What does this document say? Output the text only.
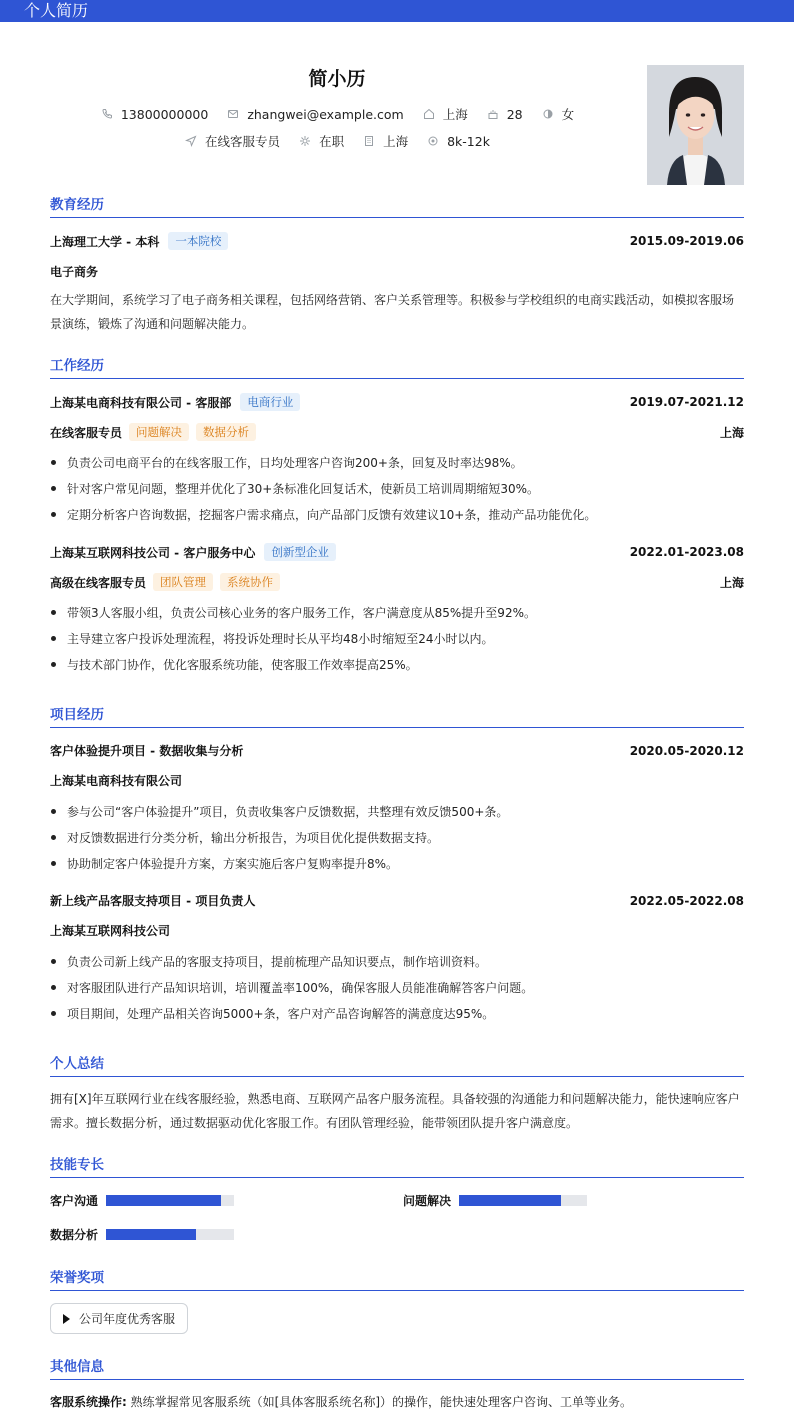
个人简历
简小历
13800000000	zhangwei@example.com	上海	28	女
在线客服专员	在职	上海	8k-12k
教育经历
上海理工大学 - 本科	一本院校	2015.09-2019.06
电子商务
在大学期间，系统学习了电子商务相关课程，包括网络营销、客户关系管理等。积极参与学校组织的电商实践活动，如模拟客服场景演练，锻炼了沟通和问题解决能力。
工作经历
上海某电商科技有限公司 - 客服部	电商行业	2019.07-2021.12
在线客服专员	问题解决	数据分析	上海
负责公司电商平台的在线客服工作，日均处理客户咨询200+条，回复及时率达98%。
针对客户常见问题，整理并优化了30+条标准化回复话术，使新员工培训周期缩短30%。
定期分析客户咨询数据，挖掘客户需求痛点，向产品部门反馈有效建议10+条，推动产品功能优化。
上海某互联网科技公司 - 客户服务中心	创新型企业	2022.01-2023.08
高级在线客服专员	团队管理	系统协作	上海
带领3人客服小组，负责公司核心业务的客户服务工作，客户满意度从85%提升至92%。
主导建立客户投诉处理流程，将投诉处理时长从平均48小时缩短至24小时以内。
与技术部门协作，优化客服系统功能，使客服工作效率提高25%。
项目经历
客户体验提升项目 - 数据收集与分析	2020.05-2020.12
上海某电商科技有限公司
参与公司“客户体验提升”项目，负责收集客户反馈数据，共整理有效反馈500+条。
对反馈数据进行分类分析，输出分析报告，为项目优化提供数据支持。
协助制定客户体验提升方案，方案实施后客户复购率提升8%。
新上线产品客服支持项目 - 项目负责人	2022.05-2022.08
上海某互联网科技公司
负责公司新上线产品的客服支持项目，提前梳理产品知识要点，制作培训资料。
对客服团队进行产品知识培训，培训覆盖率100%，确保客服人员能准确解答客户问题。
项目期间，处理产品相关咨询5000+条，客户对产品咨询解答的满意度达95%。
个人总结
拥有[X]年互联网行业在线客服经验，熟悉电商、互联网产品客户服务流程。具备较强的沟通能力和问题解决能力，能快速响应客户需求。擅长数据分析，通过数据驱动优化客服工作。有团队管理经验，能带领团队提升客户满意度。
技能专长
客户沟通	问题解决
数据分析
荣誉奖项
公司年度优秀客服
其他信息
客服系统操作: 熟练掌握常见客服系统（如[具体客服系统名称]）的操作，能快速处理客户咨询、工单等业务。
